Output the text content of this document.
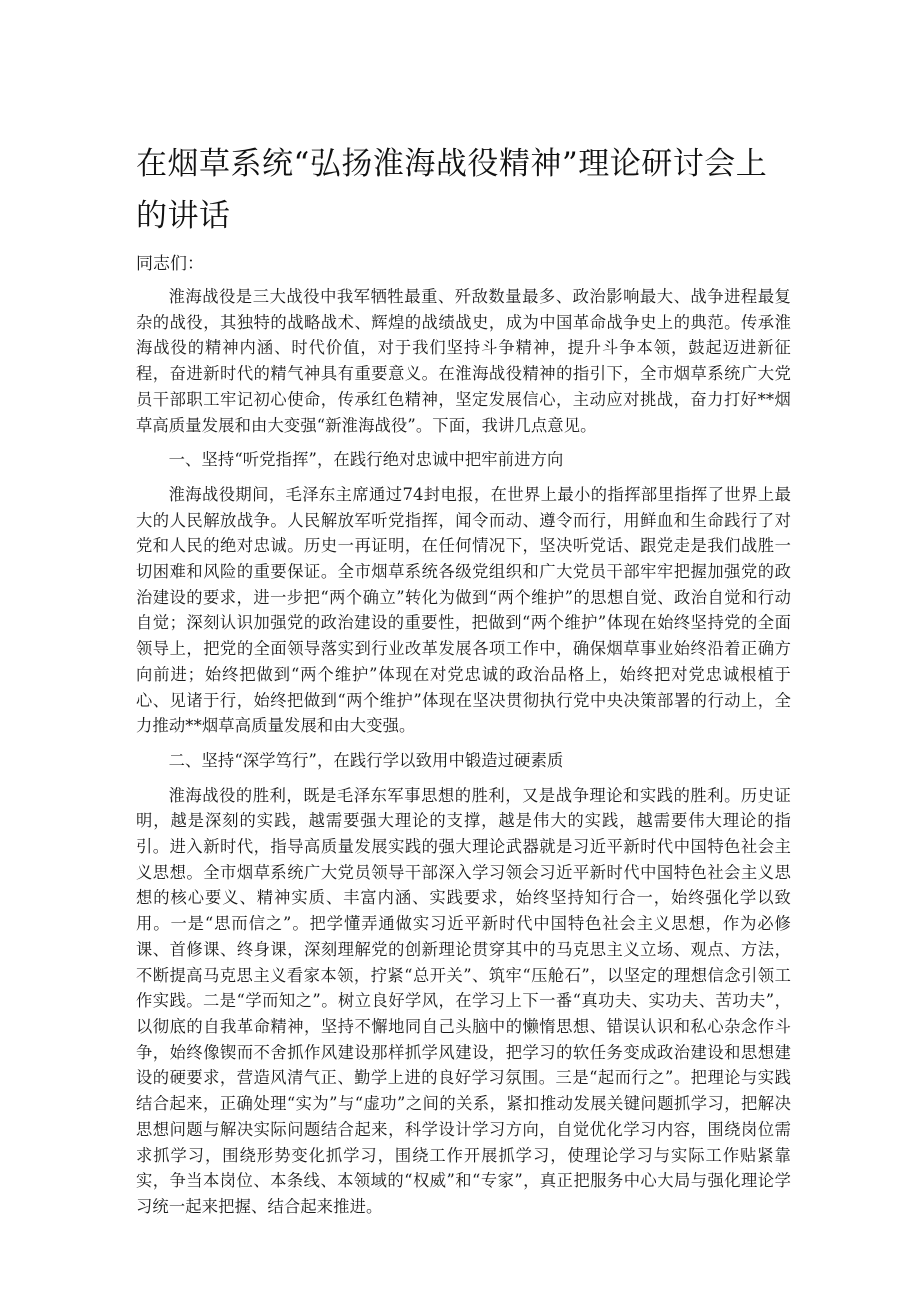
在烟草系统“弘扬淮海战役精神”理论研讨会上的讲话

同志们：

淮海战役是三大战役中我军牺牲最重、歼敌数量最多、政治影响最大、战争进程最复杂的战役，其独特的战略战术、辉煌的战绩战史，成为中国革命战争史上的典范。传承淮海战役的精神内涵、时代价值，对于我们坚持斗争精神，提升斗争本领，鼓起迈进新征程，奋进新时代的精气神具有重要意义。在淮海战役精神的指引下，全市烟草系统广大党员干部职工牢记初心使命，传承红色精神，坚定发展信心，主动应对挑战，奋力打好**烟草高质量发展和由大变强“新淮海战役”。下面，我讲几点意见。

一、坚持“听党指挥”，在践行绝对忠诚中把牢前进方向

淮海战役期间，毛泽东主席通过74封电报，在世界上最小的指挥部里指挥了世界上最大的人民解放战争。人民解放军听党指挥，闻令而动、遵令而行，用鲜血和生命践行了对党和人民的绝对忠诚。历史一再证明，在任何情况下，坚决听党话、跟党走是我们战胜一切困难和风险的重要保证。全市烟草系统各级党组织和广大党员干部牢牢把握加强党的政治建设的要求，进一步把“两个确立”转化为做到“两个维护”的思想自觉、政治自觉和行动自觉；深刻认识加强党的政治建设的重要性，把做到“两个维护”体现在始终坚持党的全面领导上，把党的全面领导落实到行业改革发展各项工作中，确保烟草事业始终沿着正确方向前进；始终把做到“两个维护”体现在对党忠诚的政治品格上，始终把对党忠诚根植于心、见诸于行，始终把做到“两个维护”体现在坚决贯彻执行党中央决策部署的行动上，全力推动**烟草高质量发展和由大变强。

二、坚持“深学笃行”，在践行学以致用中锻造过硬素质

淮海战役的胜利，既是毛泽东军事思想的胜利，又是战争理论和实践的胜利。历史证明，越是深刻的实践，越需要强大理论的支撑，越是伟大的实践，越需要伟大理论的指引。进入新时代，指导高质量发展实践的强大理论武器就是习近平新时代中国特色社会主义思想。全市烟草系统广大党员领导干部深入学习领会习近平新时代中国特色社会主义思想的核心要义、精神实质、丰富内涵、实践要求，始终坚持知行合一，始终强化学以致用。一是“思而信之”。把学懂弄通做实习近平新时代中国特色社会主义思想，作为必修课、首修课、终身课，深刻理解党的创新理论贯穿其中的马克思主义立场、观点、方法，不断提高马克思主义看家本领，拧紧“总开关”、筑牢“压舱石”，以坚定的理想信念引领工作实践。二是“学而知之”。树立良好学风，在学习上下一番“真功夫、实功夫、苦功夫”，以彻底的自我革命精神，坚持不懈地同自己头脑中的懒惰思想、错误认识和私心杂念作斗争，始终像锲而不舍抓作风建设那样抓学风建设，把学习的软任务变成政治建设和思想建设的硬要求，营造风清气正、勤学上进的良好学习氛围。三是“起而行之”。把理论与实践结合起来，正确处理“实为”与“虚功”之间的关系，紧扣推动发展关键问题抓学习，把解决思想问题与解决实际问题结合起来，科学设计学习方向，自觉优化学习内容，围绕岗位需求抓学习，围绕形势变化抓学习，围绕工作开展抓学习，使理论学习与实际工作贴紧靠实，争当本岗位、本条线、本领域的“权威”和“专家”，真正把服务中心大局与强化理论学习统一起来把握、结合起来推进。
